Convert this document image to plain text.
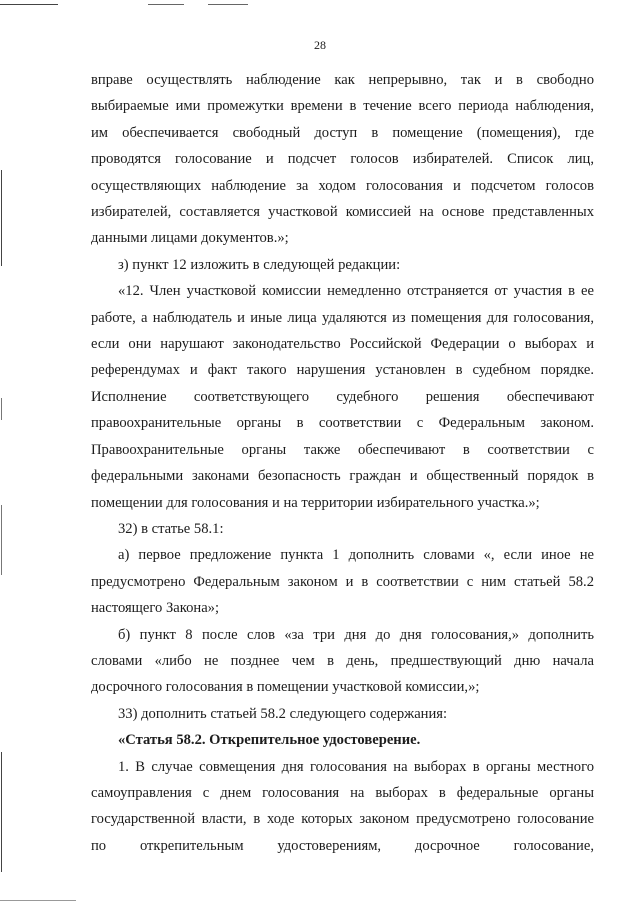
28
вправе осуществлять наблюдение как непрерывно, так и в свободно
выбираемые ими промежутки времени в течение всего периода наблюдения,
им обеспечивается свободный доступ в помещение (помещения), где
проводятся голосование и подсчет голосов избирателей. Список лиц,
осуществляющих наблюдение за ходом голосования и подсчетом голосов
избирателей, составляется участковой комиссией на основе представленных
данными лицами документов.»;
з) пункт 12 изложить в следующей редакции:
«12. Член участковой комиссии немедленно отстраняется от участия в ее
работе, а наблюдатель и иные лица удаляются из помещения для голосования,
если они нарушают законодательство Российской Федерации о выборах и
референдумах и факт такого нарушения установлен в судебном порядке.
Исполнение соответствующего судебного решения обеспечивают
правоохранительные органы в соответствии с Федеральным законом.
Правоохранительные органы также обеспечивают в соответствии с
федеральными законами безопасность граждан и общественный порядок в
помещении для голосования и на территории избирательного участка.»;
32) в статье 58.1:
а) первое предложение пункта 1 дополнить словами «, если иное не
предусмотрено Федеральным законом и в соответствии с ним статьей 58.2
настоящего Закона»;
б) пункт 8 после слов «за три дня до дня голосования,» дополнить
словами «либо не позднее чем в день, предшествующий дню начала
досрочного голосования в помещении участковой комиссии,»;
33) дополнить статьей 58.2 следующего содержания:
«Статья 58.2. Открепительное удостоверение.
1. В случае совмещения дня голосования на выборах в органы местного
самоуправления с днем голосования на выборах в федеральные органы
государственной власти, в ходе которых законом предусмотрено голосование
по открепительным удостоверениям, досрочное голосование,
